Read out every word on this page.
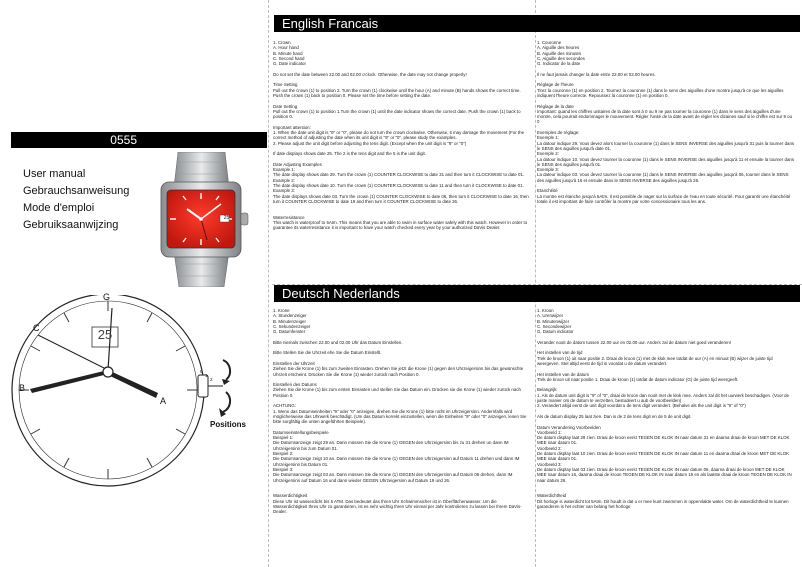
0555
User manual
Gebrauchsanweisung
Mode d'emploi
Gebruiksaanwijzing
25
G
C
B
A
25
0
1
2
Positions
English Francais
1. Crown
A. Hour hand
B. Minute hand
C. Second hand
G. Date indicator

Do not set the date between 22.00 and 02.00 o'clock. Otherwise, the date may not change properly!

Time Setting
Pull out the crown (1) to position 2. Turn the crown (1) clockwise until the hour (A) and minute (B) hands shows the correct time. Push the crown (1) back to position 0. Please set the time before setting the date.

Date Setting
Pull out the crown (1) to position 1.Turn the crown (1) until the date indicator shows the correct date. Push the crown (1) back to position 0.

Important attention:
1. When the date unit digit is "9" or "0", please do not turn the crown clockwise. Otherwise, it may damage the movement (For the correct method of adjusting the date when its unit digit is "9" or "0", please study the examples.
2. Please adjust the unit digit before adjusting the tens digit. (Except when the unit digit is "9" or "0")

If date displays shows date 25. The 2 is the tens digit and the 5 is the unit digit.

Date Adjusting Examples
Example 1:
The date display shows date 29. Turn the crown (1) COUNTER CLOCKWISE to date 31 and then turn it CLOCKWISE to date 01.
Example 2:
The date display shows date 10. Turn the crown (1) COUNTER CLOCKWISE to date 11 and then turn it CLOCKWISE to date 01.
Example 3:
The date displays shows date 03. Turn the crown (1) COUNTER CLOCKWISE to date 06, then turn it CLOCKWISE to date 16, then turn it COUNTER CLOCKWISE to date 19 and then turn it COUNTER CLOCKWISE to date 26.

Waterresistance
This watch is waterproof to 5Atm. This means that you are able to swim in surface water safely with this watch. However in order to guarantee its waterresistance it is important to have your watch checked every year by your authorized DaVis Dealer.
1. Couronne
A. Aiguille des heures
B. Aiguille des minutes
C. Aiguille des secondes
G. Indicator de la date

Il ne faut jamais changer la date entre 22.00 et 02.00 heures.

Réglage de l'heure
Tirez la couronne (1) en position 2. Tournez la couronne (1) dans le sens des aiguilles d'une montre jusqu'à ce que les aiguilles indiquent l'heure correcte. Repoussez la couronne (1) en position 0.

Réglage de la date
Important: quand les chiffres unitaires de la date sont à 0 ou 9 ne pas tourner la couronne (1) dans le sens des aiguilles d'une montre, cela pourrait endommager le mouvement. Régler l'unité de la date avant de régler les dizaines sauf si le chiffre est sur 9 ou 0

Exemples de réglage:
Exemple 1:
La datour indique 29. Vous devez alors tourner la couronne (1) dans le SENS INVERSE des aiguilles jusqu'à 31 puis la tourner dans le SENS des aiguilles jusqu'à date 01.
Exemple 2:
La datour indique 10. Vous devez tourner la couronne (1) dans le SENS INVERSE des aiguilles jusqu'à 11 et ensuite la tourner dans le SENS des aiguilles jusqu'à 01.
Exemple 3:
La dateur indique 03. Vous devez tourner la couronne (1) dans le SENS INVERSE des aiguilles jusqu'à 06, tourner dans le SENS des aiguilles jusqu'à 16 et ensuite dans le SENS INVERSE des aiguilles jusqu'à 26.

Etanchéité
La montre est étanche jusqu'à 5Atm. Il est possible de nager sur la surface de l'eau en toute sécurité. Pour garantir une étanchéité totale il est important de faire contrôler la montre par votre concessionaire tous les ans.
Deutsch Nederlands
1. Krone
A. Stundenzeiger
B. Minutenzeiger
C. Sekundenzeiger
G. Datumfenster

Bitte niemals zwischen 22.00 und 02.00 Uhr das Datum Einstellen.

Bitte Stellen Sie die Uhrzeit ehe Sie die Datum Einstellt.

Einstellen der Uhrzeit
Ziehen Sie die Krone (1) bis zum zweiten Einrasten. Drehen Sie jetzt die Krone (1) gegen den Uhrzeigersinn bis das gewünschte Uhrzeit erscheint. Drücken Sie die Krone (1) wieder zurück nach Position 0.

Einstellen des Datums
Ziehen Sie die Krone (1) bis zum ersten Einrasten und stellen Sie das Datum ein. Drücken sie die Krone (1) wieder zurück nach Position 0.

ACHTUNG:
1. Wenn das Datumseinheiten "9" oder "0" anzeigen, drehen Sie die Krone (1) bitte nicht im Uhrzeigersinn. Andernfalls wird möglicherweise das Uhrwerk beschädigt. (Um das Datum korrekt einzustellen, wenn die Einheiten "9" oder "0" anzeigen, lesen Sie bitte sorgfältig die unten angeführten Beispiele).

Datumseinstellungsbeispiele
Beispiel 1:
Die Datumsanzeige zeigt 29 an. Dann müssen Sie die Krone (1) GEGEN den Uhrzeigersinn bis zu 31 drehen un dann IM Uhrzeigersinn bis zum Datum 01.
Beispiel 2:
Die Datumsanzeige zeigt 10 an. Dann müssen Sie die Krone (1) GEGEN den Uhrzeigersinn auf Datum 11 drehen und dann IM Uhrzeigersinn bis Datum 01.
Beispiel 3:
Die Datumsanzeige zeigt 03 an. Dann müssen Sie die Krone (1) GEGEN den Uhrzeigersinn auf Datum 06 drehen, dann IM Uhrzeigersinn auf Datum 16 und dann wieder GEGEN Uhrzeigersinn auf Datum 19 und 26.

Wasserdichtigkeit
Diese Uhr ist wasserdicht bis 5 ATM. Das bedeutet das Ihren Uhr Schwimmsicher ist in Oberflächenwasser. Um die Wasserdichtigkeit Ihres Uhr zu garantieren, ist es sehr wichtig Ihren Uhr einmal per Jahr kontrolieren zu lassen bei Ihrem DaVis-Dealer.
1. Kroon
A. Urenwijzer
B. Minutenwijzer
C. Secondewijzer
G. Datum indicator

Verander nooit de datum tussen 22.00 uur en 02.00 uur. Anders zal de datum niet goed veranderen!

Het instellen van de tijd
Trek de kroon (1) uit naar positie 2. Draai de kroon (1) met de klok mee totdat de uur (A) en minuut (B) wijzer de juiste tijd weergeven. Stel altijd eerst de tijd in voordat u de datum verandert.

Het instellen van de datum
Trek de kroon uit naar positie 1. Draai de kroon (1) totdat de datum indicator (G) de juiste tijd weergeeft.

Belangrijk:
1. Als de datum unit digit is "9" of "0", draai de kroon dan nooit met de klok mee. Anders zal dit het uurwerk beschadigen. (Voor de juiste manier om de datum te verzetten, bestudeert u aub de voorbeelden)
2. Verandert altijd eerst de unit digit voordat u de tens digit verandert. (Behalve als the unit digit is "9" of "0")

Als de datum display 25 laat zien. Dan is de 2 de tens digit en de 5 de unit digit.

Datum Verandering Voorbeelden
Voorbeeld 1:
De datum display laat 29 zien. Draai de kroon eerst TEGEN DE KLOK IN naar datum 31 en daarna draai de kroon MET DE KLOK MEE naar datum 01.
Voorbeeld 2:
De datum display laat 10 zien. Draai de kroon eerst TEGEN DE KLOK IN naar datum 11 en daarna draai de kroon MET DE KLOK MEE naar datum 01.
Voorbeeld 3:
De datum display laat 03 zien. Draai de kroon eerst TEGEN DE KLOK IN naar datum 06, daarna draai de kroon MET DE KLOK MEE naar datum 16, daarna draai de kroon TEGEN DE KLOK IN naar datum 19 en als laatste draai de kroon TEGEN DE KLOK IN naar datum 26.

Waterdichtheid
Dit horloge is waterdicht tot 5Atm. Dit houdt in dat u er mee kunt zwemmen in oppervlakte water. Om de waterdichtheid te kunnen garanderen is het echter van belang het horloge
